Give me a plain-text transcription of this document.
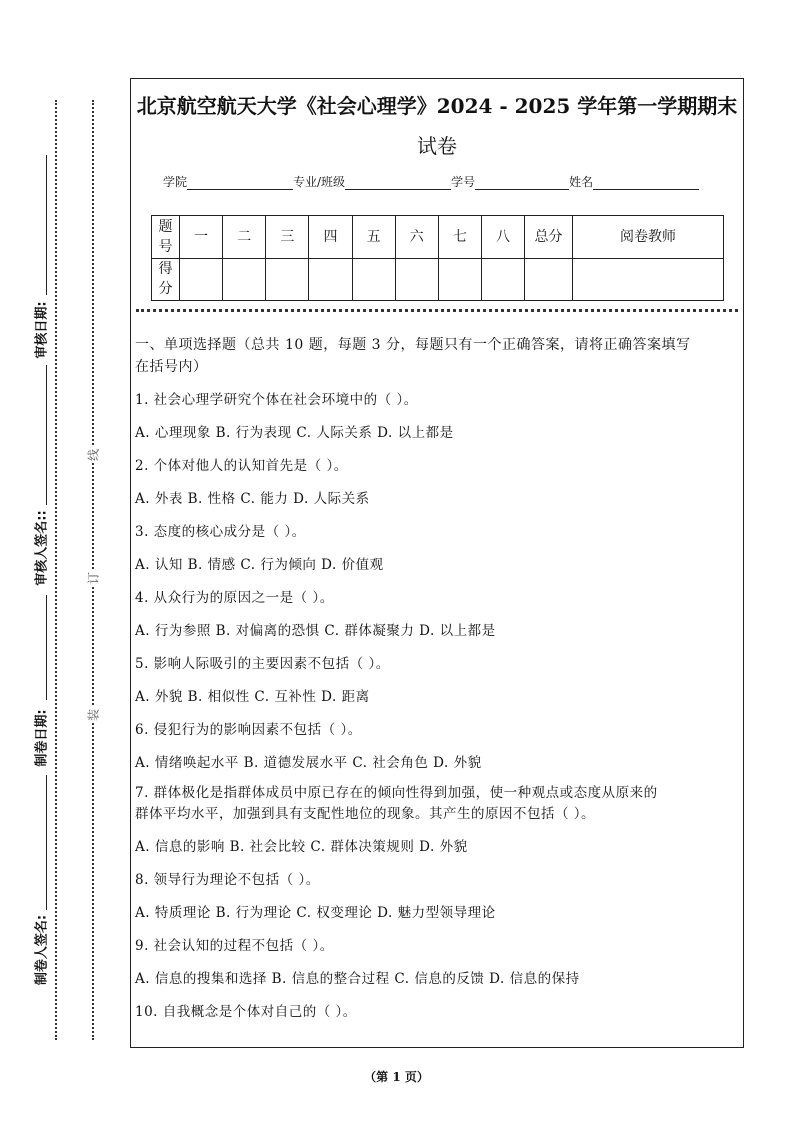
审核日期:
审核人签名::
制卷日期:
制卷人签名:
线
订
装
北京航空航天大学《社会心理学》2024 - 2025 学年第一学期期末
试卷
学院	专业/班级	学号	姓名
题号	一	二	三	四	五	六	七	八	总分	阅卷教师
得分										
一、单项选择题（总共 10 题，每题 3 分，每题只有一个正确答案，请将正确答案填写
在括号内）
1. 社会心理学研究个体在社会环境中的（ ）。
A. 心理现象 B. 行为表现 C. 人际关系 D. 以上都是
2. 个体对他人的认知首先是（ ）。
A. 外表 B. 性格 C. 能力 D. 人际关系
3. 态度的核心成分是（ ）。
A. 认知 B. 情感 C. 行为倾向 D. 价值观
4. 从众行为的原因之一是（ ）。
A. 行为参照 B. 对偏离的恐惧 C. 群体凝聚力 D. 以上都是
5. 影响人际吸引的主要因素不包括（ ）。
A. 外貌 B. 相似性 C. 互补性 D. 距离
6. 侵犯行为的影响因素不包括（ ）。
A. 情绪唤起水平 B. 道德发展水平 C. 社会角色 D. 外貌
7. 群体极化是指群体成员中原已存在的倾向性得到加强，使一种观点或态度从原来的
群体平均水平，加强到具有支配性地位的现象。其产生的原因不包括（ ）。
A. 信息的影响 B. 社会比较 C. 群体决策规则 D. 外貌
8. 领导行为理论不包括（ ）。
A. 特质理论 B. 行为理论 C. 权变理论 D. 魅力型领导理论
9. 社会认知的过程不包括（ ）。
A. 信息的搜集和选择 B. 信息的整合过程 C. 信息的反馈 D. 信息的保持
10. 自我概念是个体对自己的（ ）。
（第 1 页）
